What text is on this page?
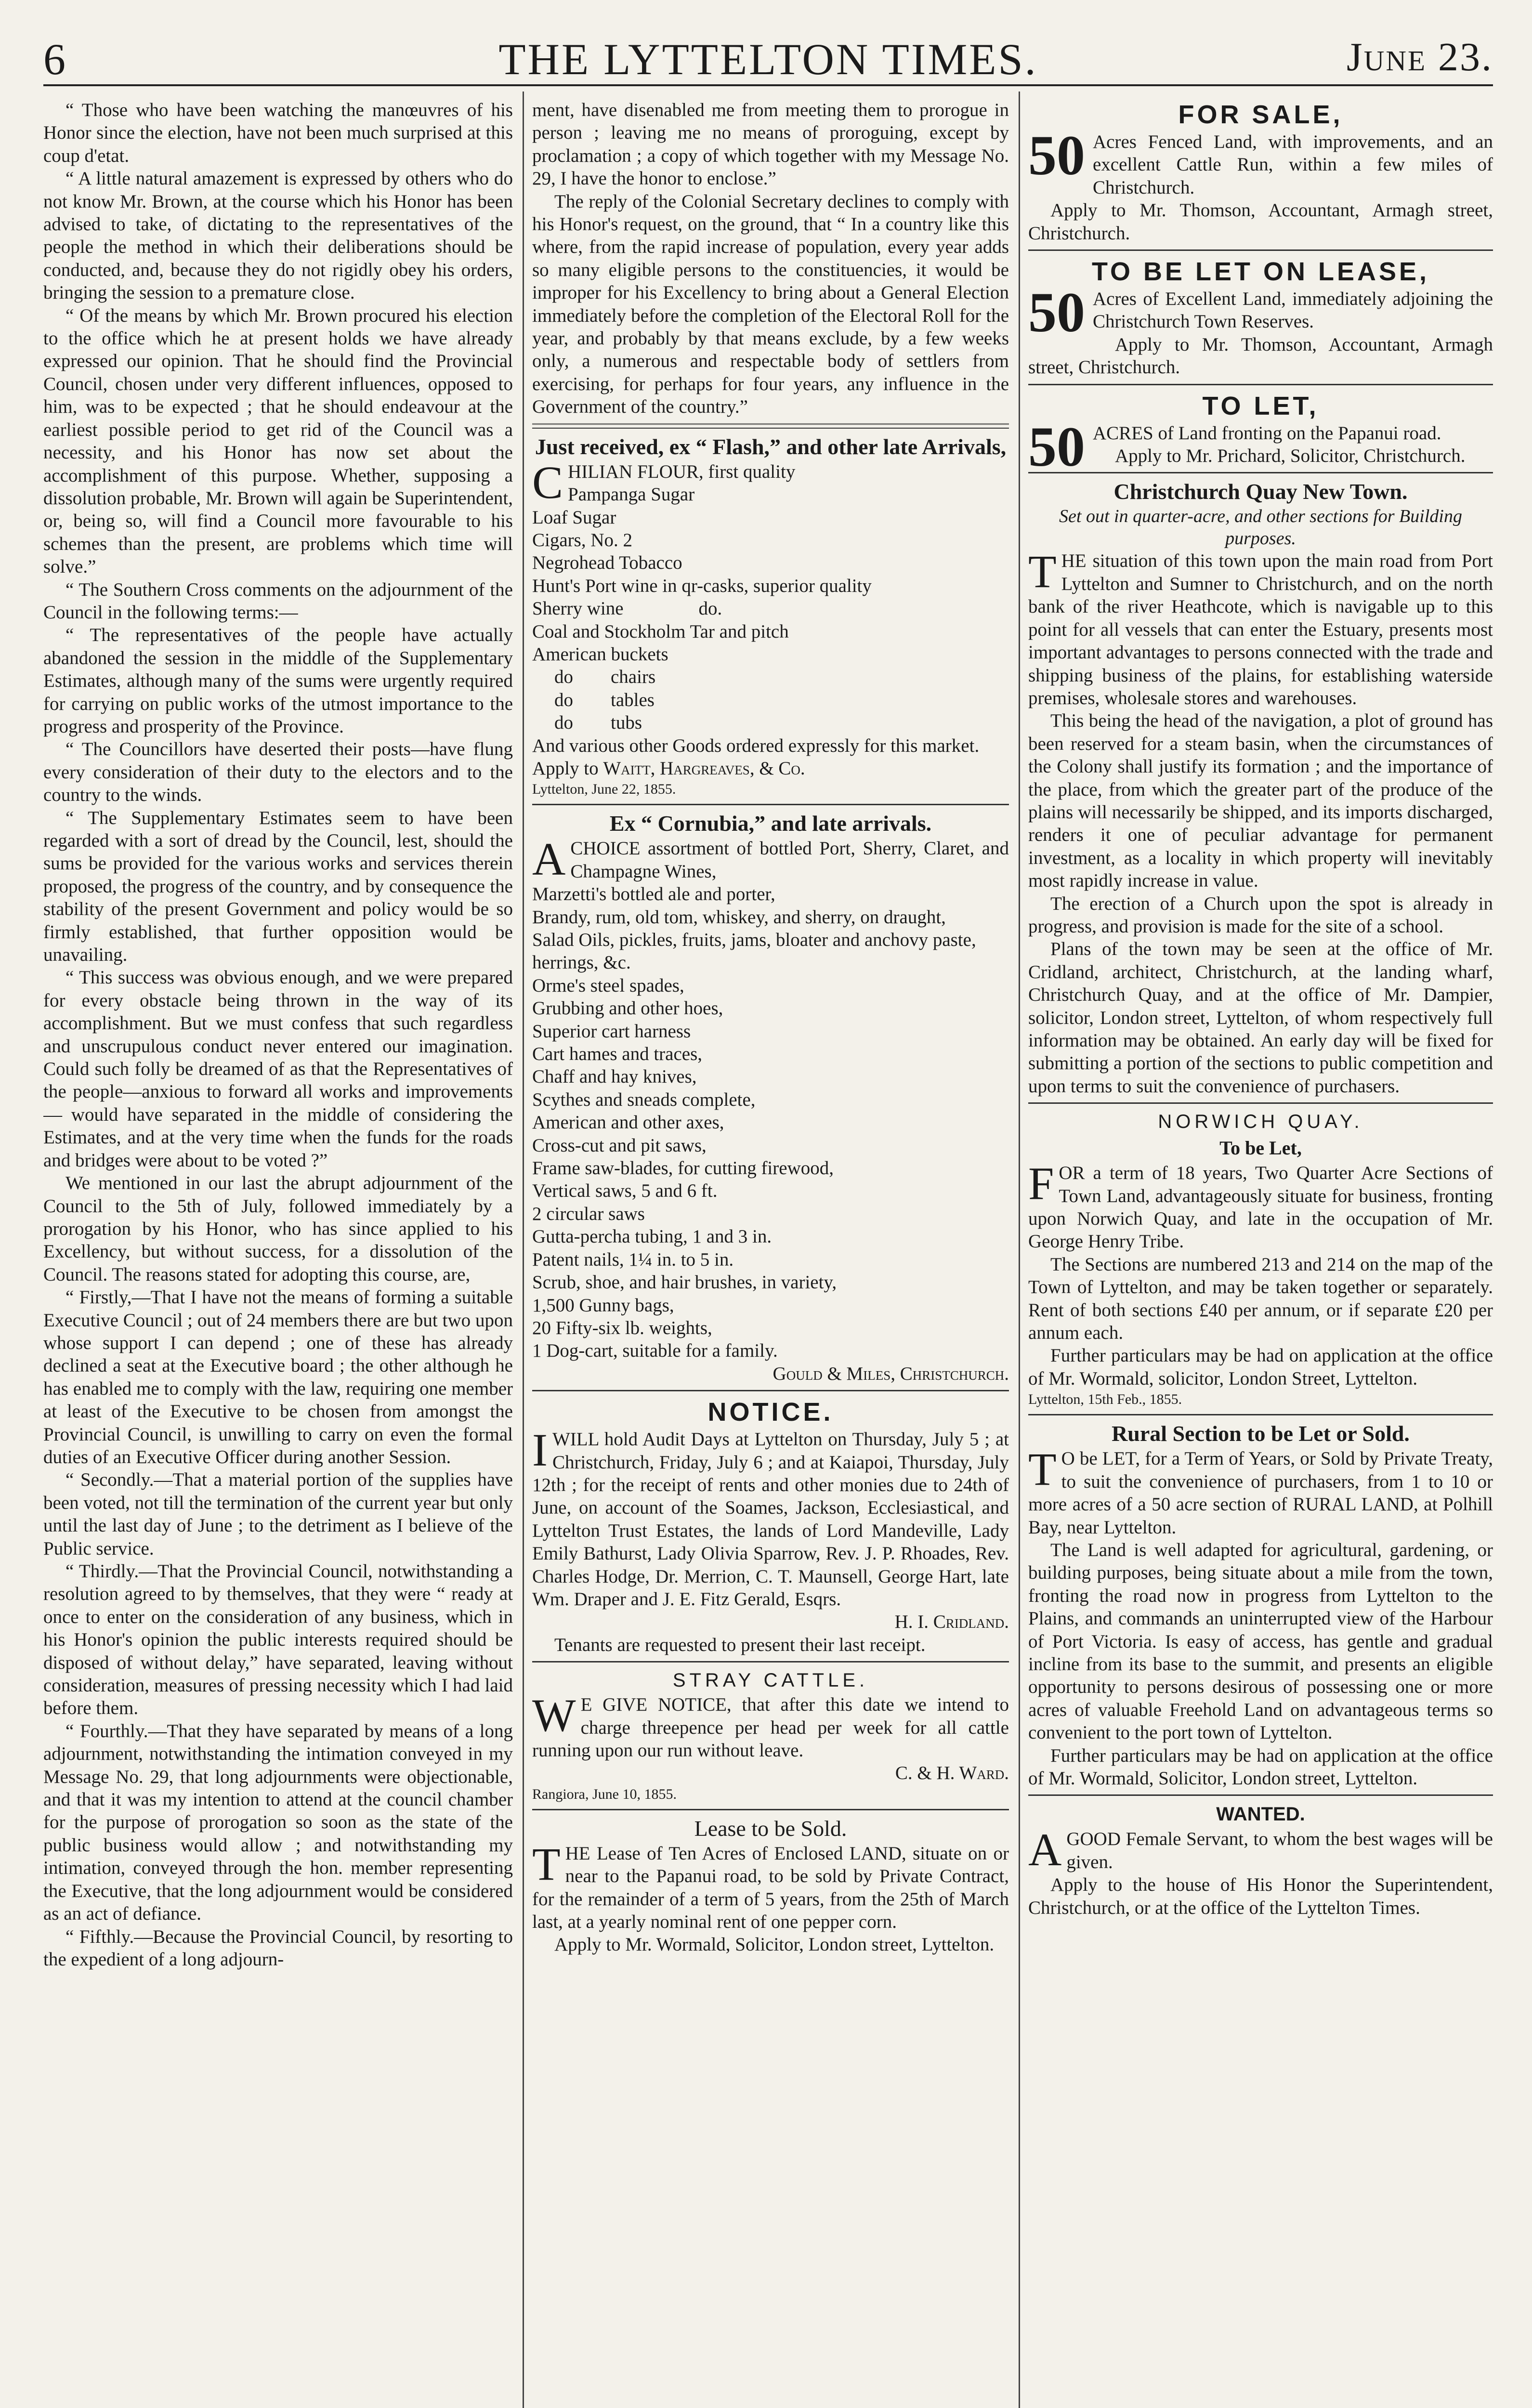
6	THE LYTTELTON TIMES.	June 23.

“ Those who have been watching the manœuvres of his Honor since the election, have not been much surprised at this coup d'etat.

“ A little natural amazement is expressed by others who do not know Mr. Brown, at the course which his Honor has been advised to take, of dictating to the representatives of the people the method in which their deliberations should be conducted, and, because they do not rigidly obey his orders, bringing the session to a premature close.

“ Of the means by which Mr. Brown procured his election to the office which he at present holds we have already expressed our opinion. That he should find the Provincial Council, chosen under very different influences, opposed to him, was to be expected ; that he should endeavour at the earliest possible period to get rid of the Council was a necessity, and his Honor has now set about the accomplishment of this purpose. Whether, supposing a dissolution probable, Mr. Brown will again be Superintendent, or, being so, will find a Council more favourable to his schemes than the present, are problems which time will solve.”

“ The Southern Cross comments on the adjournment of the Council in the following terms:—

“ The representatives of the people have actually abandoned the session in the middle of the Supplementary Estimates, although many of the sums were urgently required for carrying on public works of the utmost importance to the progress and prosperity of the Province.

“ The Councillors have deserted their posts—have flung every consideration of their duty to the electors and to the country to the winds.

“ The Supplementary Estimates seem to have been regarded with a sort of dread by the Council, lest, should the sums be provided for the various works and services therein proposed, the progress of the country, and by consequence the stability of the present Government and policy would be so firmly established, that further opposition would be unavailing.

“ This success was obvious enough, and we were prepared for every obstacle being thrown in the way of its accomplishment. But we must confess that such regardless and unscrupulous conduct never entered our imagination. Could such folly be dreamed of as that the Representatives of the people—anxious to forward all works and improvements— would have separated in the middle of considering the Estimates, and at the very time when the funds for the roads and bridges were about to be voted ?”

We mentioned in our last the abrupt adjournment of the Council to the 5th of July, followed immediately by a prorogation by his Honor, who has since applied to his Excellency, but without success, for a dissolution of the Council. The reasons stated for adopting this course, are,

“ Firstly,—That I have not the means of forming a suitable Executive Council ; out of 24 members there are but two upon whose support I can depend ; one of these has already declined a seat at the Executive board ; the other although he has enabled me to comply with the law, requiring one member at least of the Executive to be chosen from amongst the Provincial Council, is unwilling to carry on even the formal duties of an Executive Officer during another Session.

“ Secondly.—That a material portion of the supplies have been voted, not till the termination of the current year but only until the last day of June ; to the detriment as I believe of the Public service.

“ Thirdly.—That the Provincial Council, notwithstanding a resolution agreed to by themselves, that they were “ ready at once to enter on the consideration of any business, which in his Honor's opinion the public interests required should be disposed of without delay,” have separated, leaving without consideration, measures of pressing necessity which I had laid before them.

“ Fourthly.—That they have separated by means of a long adjournment, notwithstanding the intimation conveyed in my Message No. 29, that long adjournments were objectionable, and that it was my intention to attend at the council chamber for the purpose of prorogation so soon as the state of the public business would allow ; and notwithstanding my intimation, conveyed through the hon. member representing the Executive, that the long adjournment would be considered as an act of defiance.

“ Fifthly.—Because the Provincial Council, by resorting to the expedient of a long adjourn-

ment, have disenabled me from meeting them to prorogue in person ; leaving me no means of proroguing, except by proclamation ; a copy of which together with my Message No. 29, I have the honor to enclose.”

The reply of the Colonial Secretary declines to comply with his Honor's request, on the ground, that “ In a country like this where, from the rapid increase of population, every year adds so many eligible persons to the constituencies, it would be improper for his Excellency to bring about a General Election immediately before the completion of the Electoral Roll for the year, and probably by that means exclude, by a few weeks only, a numerous and respectable body of settlers from exercising, for perhaps for four years, any influence in the Government of the country.”

Just received, ex “ Flash,” and other late Arrivals,

CHILIAN FLOUR, first quality

Pampanga Sugar
Loaf Sugar
Cigars, No. 2
Negrohead Tobacco
Hunt's Port wine in qr-casks, superior quality
Sherry wine                do.
Coal and Stockholm Tar and pitch
American buckets
do        chairs
do        tables
do        tubs
And various other Goods ordered expressly for this market.

Apply to Waitt, Hargreaves, & Co.

Lyttelton, June 22, 1855.
Ex “ Cornubia,” and late arrivals.

ACHOICE assortment of bottled Port, Sherry, Claret, and Champagne Wines,

Marzetti's bottled ale and porter,
Brandy, rum, old tom, whiskey, and sherry, on draught,
Salad Oils, pickles, fruits, jams, bloater and anchovy paste, herrings, &c.
Orme's steel spades,
Grubbing and other hoes,
Superior cart harness
Cart hames and traces,
Chaff and hay knives,
Scythes and sneads complete,
American and other axes,
Cross-cut and pit saws,
Frame saw-blades, for cutting firewood,
Vertical saws, 5 and 6 ft.
2 circular saws
Gutta-percha tubing, 1 and 3 in.
Patent nails, 1¼ in. to 5 in.
Scrub, shoe, and hair brushes, in variety,
1,500 Gunny bags,
20 Fifty-six lb. weights,
1 Dog-cart, suitable for a family.
Gould & Miles, Christchurch.
NOTICE.

IWILL hold Audit Days at Lyttelton on Thursday, July 5 ; at Christchurch, Friday, July 6 ; and at Kaiapoi, Thursday, July 12th ; for the receipt of rents and other monies due to 24th of June, on account of the Soames, Jackson, Ecclesiastical, and Lyttelton Trust Estates, the lands of Lord Mandeville, Lady Emily Bathurst, Lady Olivia Sparrow, Rev. J. P. Rhoades, Rev. Charles Hodge, Dr. Merrion, C. T. Maunsell, George Hart, late Wm. Draper and J. E. Fitz Gerald, Esqrs.

H. I. Cridland.

Tenants are requested to present their last receipt.

STRAY CATTLE.

W E GIVE NOTICE, that after this date we intend to charge threepence per head per week for all cattle running upon our run without leave.

C. & H. Ward.
Rangiora, June 10, 1855.
Lease to be Sold.

THE Lease of Ten Acres of Enclosed LAND, situate on or near to the Papanui road, to be sold by Private Contract, for the remainder of a term of 5 years, from the 25th of March last, at a yearly nominal rent of one pepper corn.

Apply to Mr. Wormald, Solicitor, London street, Lyttelton.

FOR SALE,

50 Acres Fenced Land, with improvements, and an excellent Cattle Run, within a few miles of Christchurch.

Apply to Mr. Thomson, Accountant, Armagh street, Christchurch.

TO BE LET ON LEASE,

50 Acres of Excellent Land, immediately adjoining the Christchurch Town Reserves.

Apply to Mr. Thomson, Accountant, Armagh street, Christchurch.

TO LET,

50 ACRES of Land fronting on the Papanui road.

Apply to Mr. Prichard, Solicitor, Christchurch.

Christchurch Quay New Town.
Set out in quarter-acre, and other sections for Building purposes.

THE situation of this town upon the main road from Port Lyttelton and Sumner to Christchurch, and on the north bank of the river Heathcote, which is navigable up to this point for all vessels that can enter the Estuary, presents most important advantages to persons connected with the trade and shipping business of the plains, for establishing waterside premises, wholesale stores and warehouses.

This being the head of the navigation, a plot of ground has been reserved for a steam basin, when the circumstances of the Colony shall justify its formation ; and the importance of the place, from which the greater part of the produce of the plains will necessarily be shipped, and its imports discharged, renders it one of peculiar advantage for permanent investment, as a locality in which property will inevitably most rapidly increase in value.

The erection of a Church upon the spot is already in progress, and provision is made for the site of a school.

Plans of the town may be seen at the office of Mr. Cridland, architect, Christchurch, at the landing wharf, Christchurch Quay, and at the office of Mr. Dampier, solicitor, London street, Lyttelton, of whom respectively full information may be obtained. An early day will be fixed for submitting a portion of the sections to public competition and upon terms to suit the convenience of purchasers.

NORWICH QUAY.
To be Let,

FOR a term of 18 years, Two Quarter Acre Sections of Town Land, advantageously situate for business, fronting upon Norwich Quay, and late in the occupation of Mr. George Henry Tribe.

The Sections are numbered 213 and 214 on the map of the Town of Lyttelton, and may be taken together or separately. Rent of both sections £40 per annum, or if separate £20 per annum each.

Further particulars may be had on application at the office of Mr. Wormald, solicitor, London Street, Lyttelton.

Lyttelton, 15th Feb., 1855.
Rural Section to be Let or Sold.

T O be LET, for a Term of Years, or Sold by Private Treaty, to suit the convenience of purchasers, from 1 to 10 or more acres of a 50 acre section of RURAL LAND, at Polhill Bay, near Lyttelton.

The Land is well adapted for agricultural, gardening, or building purposes, being situate about a mile from the town, fronting the road now in progress from Lyttelton to the Plains, and commands an uninterrupted view of the Harbour of Port Victoria. Is easy of access, has gentle and gradual incline from its base to the summit, and presents an eligible opportunity to persons desirous of possessing one or more acres of valuable Freehold Land on advantageous terms so convenient to the port town of Lyttelton.

Further particulars may be had on application at the office of Mr. Wormald, Solicitor, London street, Lyttelton.

WANTED.

AGOOD Female Servant, to whom the best wages will be given.

Apply to the house of His Honor the Superintendent, Christchurch, or at the office of the Lyttelton Times.
